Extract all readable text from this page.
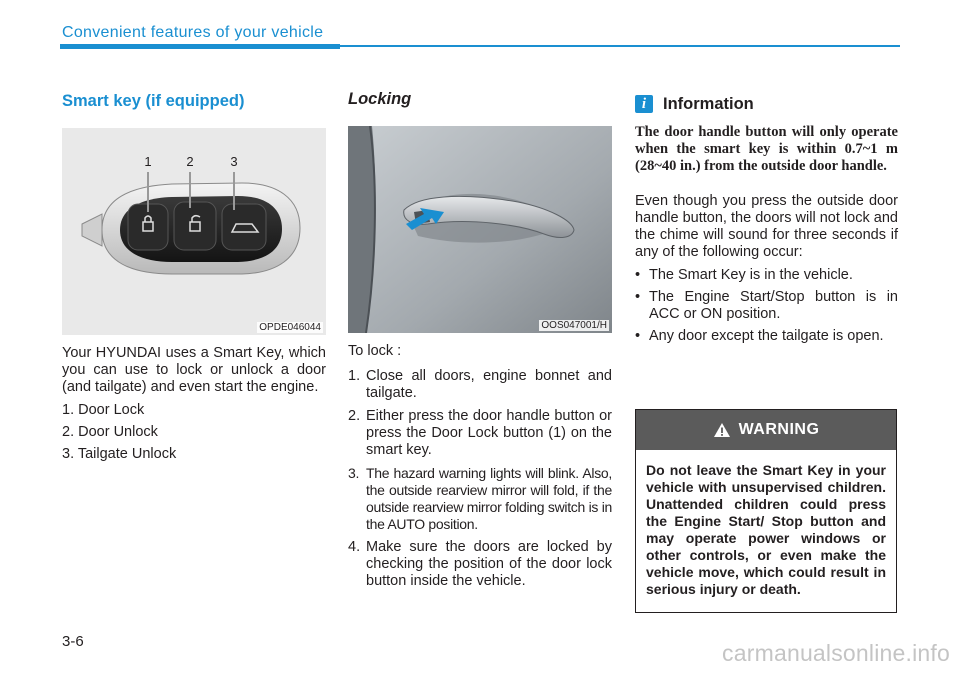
Convenient features of your vehicle
Smart key (if equipped)
1	2	3
OPDE046044

Your HYUNDAI uses a Smart Key, which you can use to lock or unlock a door (and tailgate) and even start the engine.

1. Door Lock
2. Door Unlock
3. Tailgate Unlock
Locking
OOS047001/H

To lock :

1. Close all doors, engine bonnet and tailgate.
2. Either press the door handle button or press the Door Lock button (1) on the smart key.
3. The hazard warning lights will blink. Also, the outside rearview mirror will fold, if the outside rearview mirror folding switch is in the AUTO position.
4. Make sure the doors are locked by checking the position of the door lock button inside the vehicle.
i	Information

The door handle button will only operate when the smart key is within 0.7~1 m (28~40 in.) from the outside door handle.

Even though you press the outside door handle button, the doors will not lock and the chime will sound for three seconds if any of the following occur:

• The Smart Key is in the vehicle.
• The Engine Start/Stop button is in ACC or ON position.
• Any door except the tailgate is open.
WARNING
Do not leave the Smart Key in your vehicle with unsupervised children. Unattended children could press the Engine Start/ Stop button and may operate power windows or other controls, or even make the vehicle move, which could result in serious injury or death.
3-6	carmanualsonline.info
